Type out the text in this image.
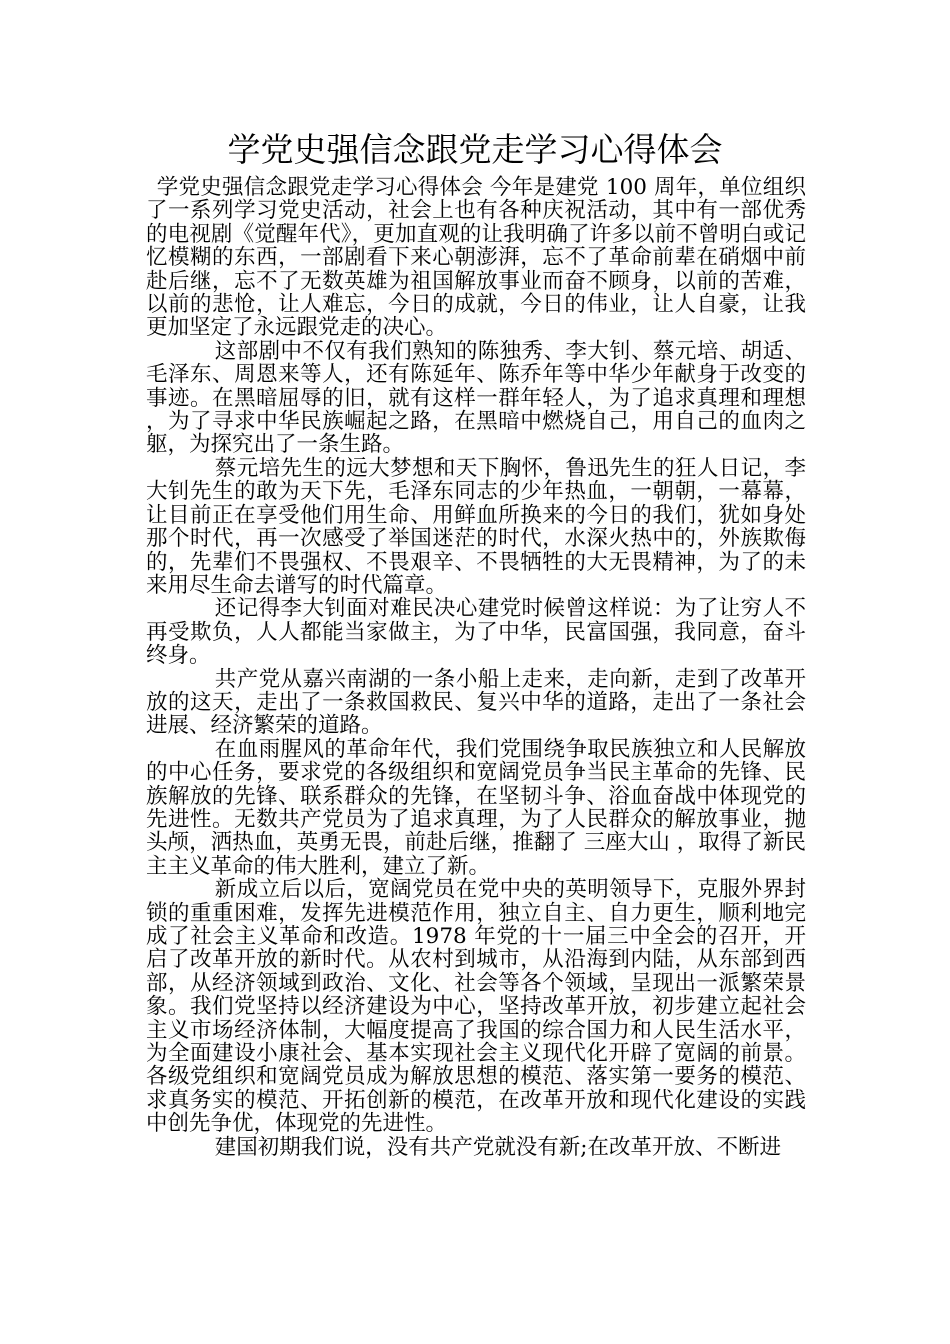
学党史强信念跟党走学习心得体会

学党史强信念跟党走学习心得体会 今年是建党 100 周年，单位组织了一系列学习党史活动，社会上也有各种庆祝活动，其中有一部优秀的电视剧《觉醒年代》，更加直观的让我明确了许多以前不曾明白或记忆模糊的东西，一部剧看下来心朝澎湃，忘不了革命前辈在硝烟中前赴后继，忘不了无数英雄为祖国解放事业而奋不顾身，以前的苦难，以前的悲怆，让人难忘，今日的成就，今日的伟业，让人自豪，让我更加坚定了永远跟党走的决心。

这部剧中不仅有我们熟知的陈独秀、李大钊、蔡元培、胡适、毛泽东、周恩来等人，还有陈延年、陈乔年等中华少年献身于改变的事迹。在黑暗屈辱的旧，就有这样一群年轻人，为了追求真理和理想，为了寻求中华民族崛起之路，在黑暗中燃烧自己，用自己的血肉之躯，为探究出了一条生路。

蔡元培先生的远大梦想和天下胸怀，鲁迅先生的狂人日记，李大钊先生的敢为天下先，毛泽东同志的少年热血，一朝朝，一幕幕，让目前正在享受他们用生命、用鲜血所换来的今日的我们，犹如身处那个时代，再一次感受了举国迷茫的时代，水深火热中的，外族欺侮的，先辈们不畏强权、不畏艰辛、不畏牺牲的大无畏精神，为了的未来用尽生命去谱写的时代篇章。

还记得李大钊面对难民决心建党时候曾这样说：为了让穷人不再受欺负，人人都能当家做主，为了中华，民富国强，我同意，奋斗终身。

共产党从嘉兴南湖的一条小船上走来，走向新，走到了改革开放的这天，走出了一条救国救民、复兴中华的道路，走出了一条社会进展、经济繁荣的道路。

在血雨腥风的革命年代，我们党围绕争取民族独立和人民解放的中心任务，要求党的各级组织和宽阔党员争当民主革命的先锋、民族解放的先锋、联系群众的先锋，在坚韧斗争、浴血奋战中体现党的先进性。无数共产党员为了追求真理，为了人民群众的解放事业，抛头颅，洒热血，英勇无畏，前赴后继，推翻了 三座大山 ，取得了新民主主义革命的伟大胜利，建立了新。

新成立后以后，宽阔党员在党中央的英明领导下，克服外界封锁的重重困难，发挥先进模范作用，独立自主、自力更生，顺利地完成了社会主义革命和改造。1978 年党的十一届三中全会的召开，开启了改革开放的新时代。从农村到城市，从沿海到内陆，从东部到西部，从经济领域到政治、文化、社会等各个领域，呈现出一派繁荣景象。我们党坚持以经济建设为中心，坚持改革开放，初步建立起社会主义市场经济体制，大幅度提高了我国的综合国力和人民生活水平，为全面建设小康社会、基本实现社会主义现代化开辟了宽阔的前景。各级党组织和宽阔党员成为解放思想的模范、落实第一要务的模范、求真务实的模范、开拓创新的模范，在改革开放和现代化建设的实践中创先争优，体现党的先进性。

建国初期我们说，没有共产党就没有新;在改革开放、不断进
